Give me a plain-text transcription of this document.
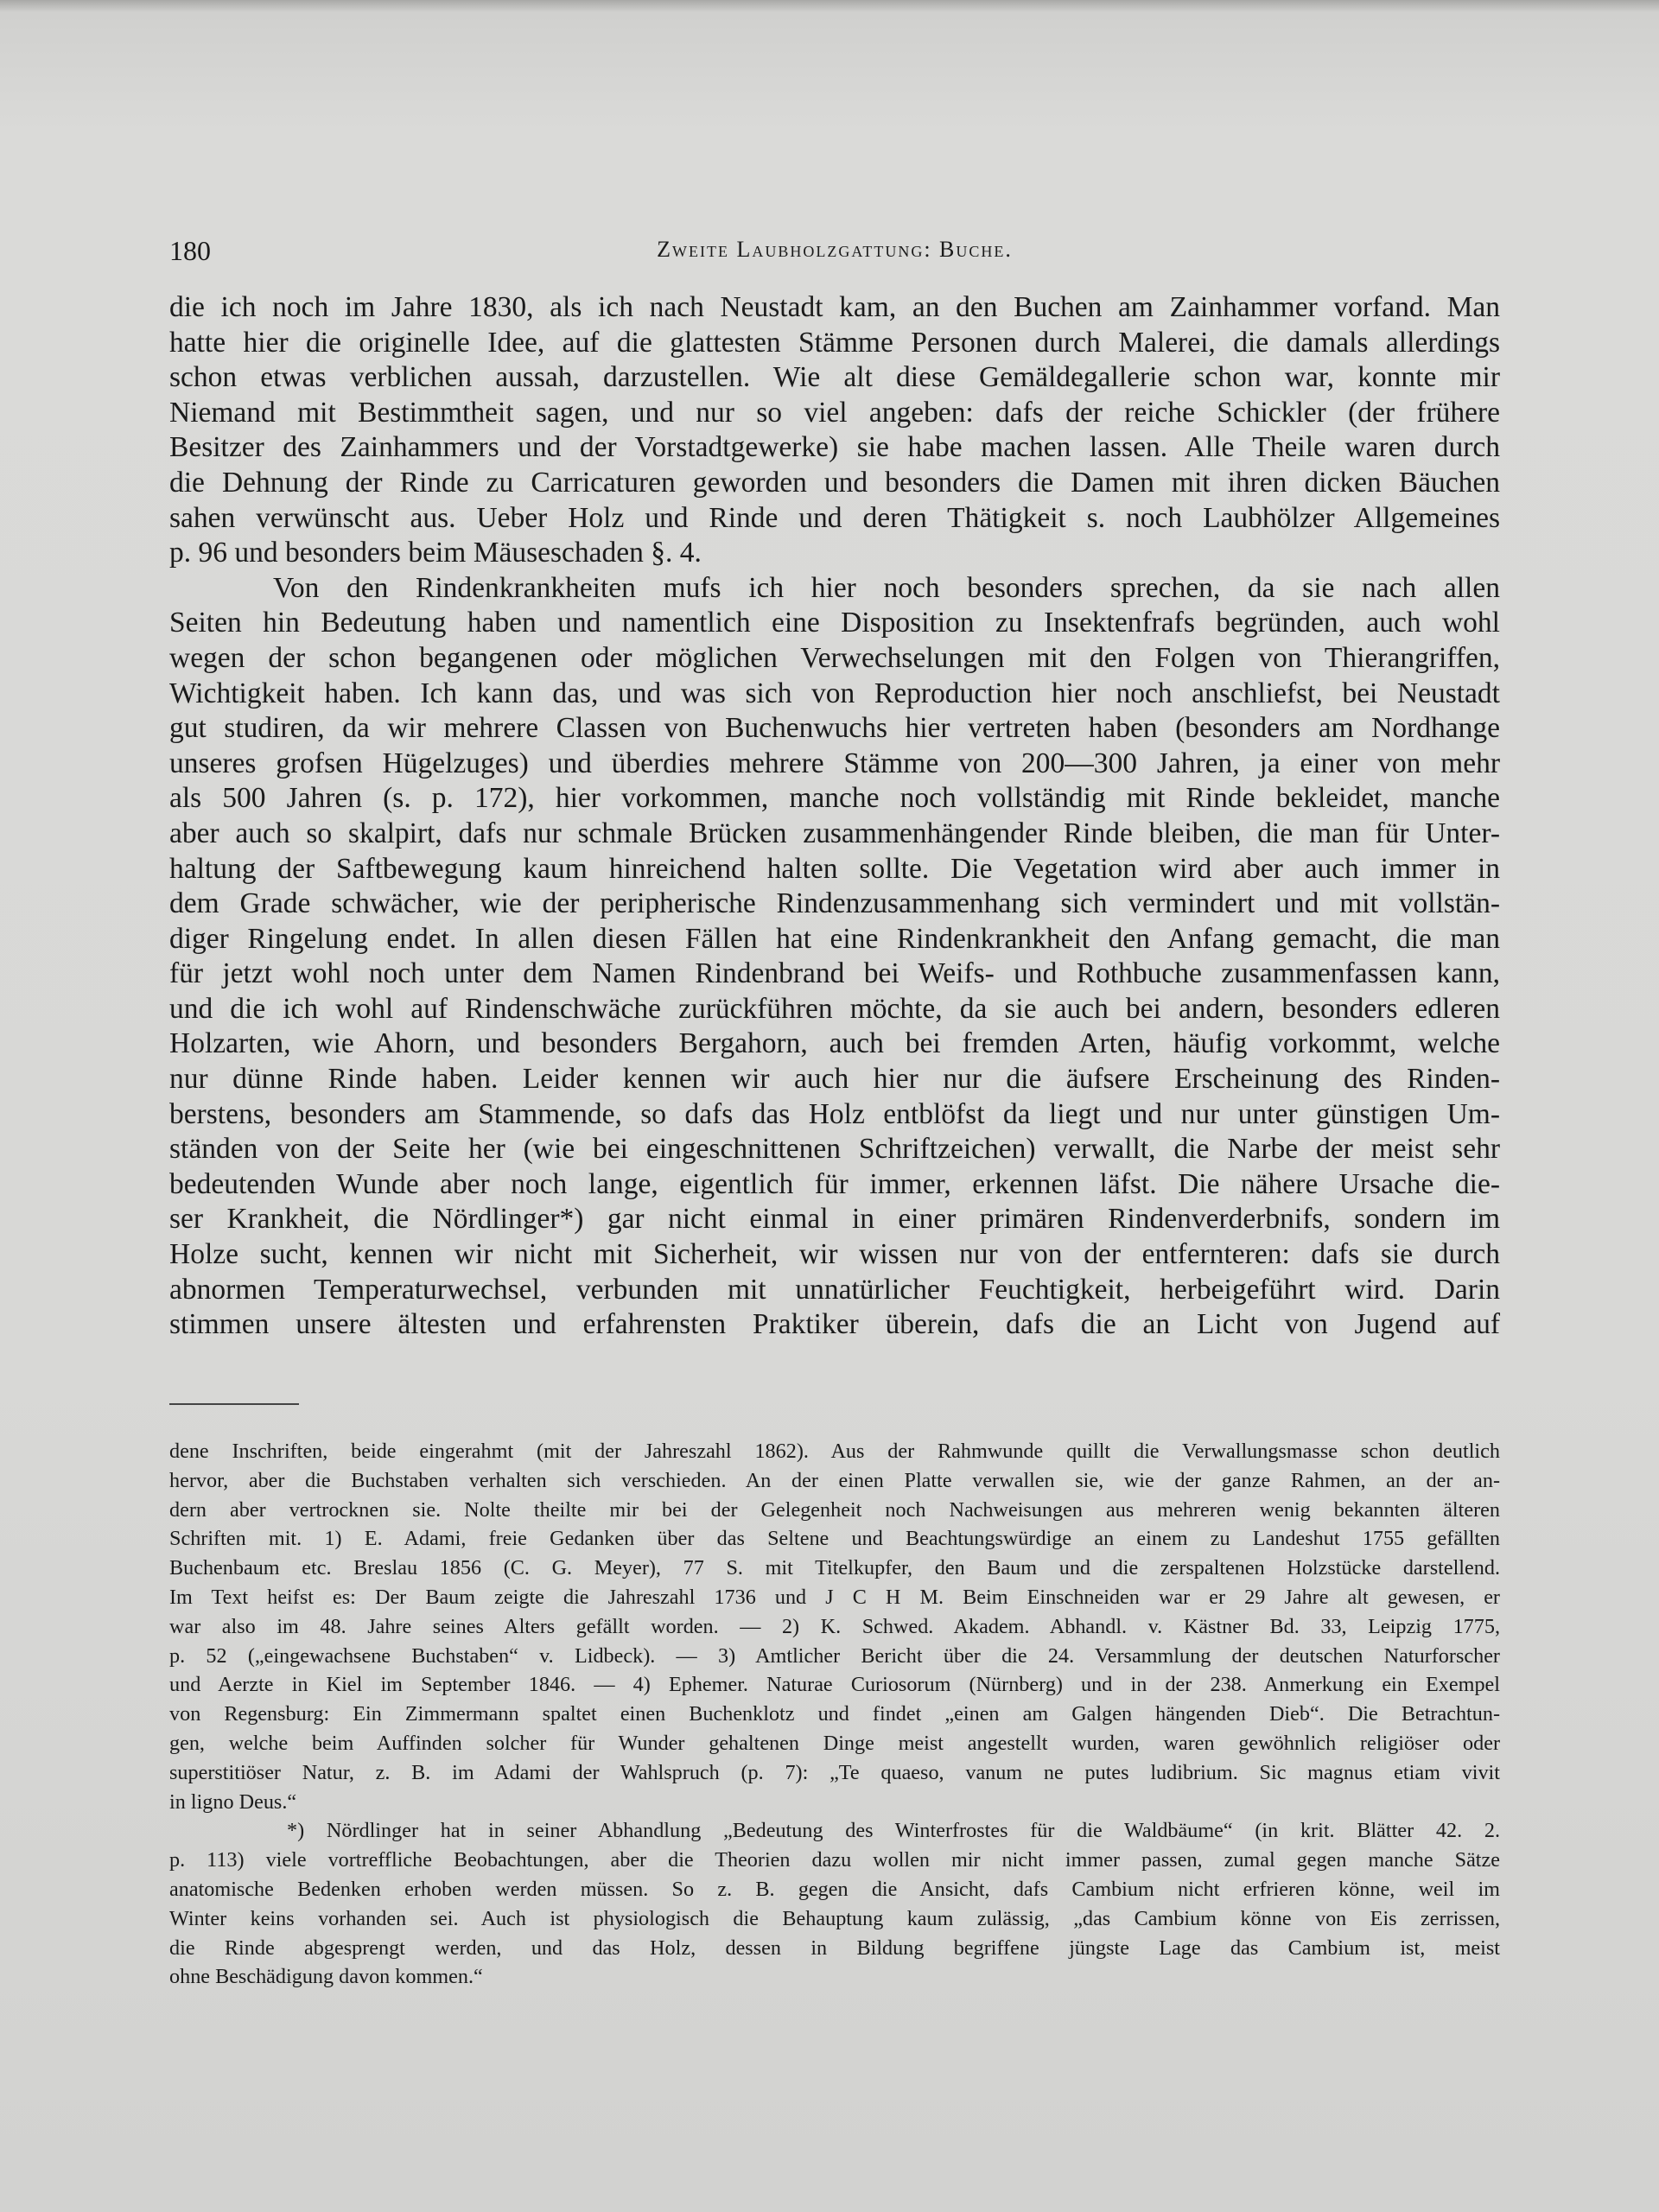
180	Zweite Laubholzgattung: Buche.
die ich noch im Jahre 1830, als ich nach Neustadt kam, an den Buchen am Zainhammer vorfand. Man
hatte hier die originelle Idee, auf die glattesten Stämme Personen durch Malerei, die damals allerdings
schon etwas verblichen aussah, darzustellen. Wie alt diese Gemäldegallerie schon war, konnte mir
Niemand mit Bestimmtheit sagen, und nur so viel angeben: dafs der reiche Schickler (der frühere
Besitzer des Zainhammers und der Vorstadtgewerke) sie habe machen lassen. Alle Theile waren durch
die Dehnung der Rinde zu Carricaturen geworden und besonders die Damen mit ihren dicken Bäuchen
sahen verwünscht aus. Ueber Holz und Rinde und deren Thätigkeit s. noch Laubhölzer Allgemeines
p. 96 und besonders beim Mäuseschaden §. 4.
Von den Rindenkrankheiten mufs ich hier noch besonders sprechen, da sie nach allen
Seiten hin Bedeutung haben und namentlich eine Disposition zu Insektenfrafs begründen, auch wohl
wegen der schon begangenen oder möglichen Verwechselungen mit den Folgen von Thierangriffen,
Wichtigkeit haben. Ich kann das, und was sich von Reproduction hier noch anschliefst, bei Neustadt
gut studiren, da wir mehrere Classen von Buchenwuchs hier vertreten haben (besonders am Nordhange
unseres grofsen Hügelzuges) und überdies mehrere Stämme von 200—300 Jahren, ja einer von mehr
als 500 Jahren (s. p. 172), hier vorkommen, manche noch vollständig mit Rinde bekleidet, manche
aber auch so skalpirt, dafs nur schmale Brücken zusammenhängender Rinde bleiben, die man für Unter-
haltung der Saftbewegung kaum hinreichend halten sollte. Die Vegetation wird aber auch immer in
dem Grade schwächer, wie der peripherische Rindenzusammenhang sich vermindert und mit vollstän-
diger Ringelung endet. In allen diesen Fällen hat eine Rindenkrankheit den Anfang gemacht, die man
für jetzt wohl noch unter dem Namen Rindenbrand bei Weifs- und Rothbuche zusammenfassen kann,
und die ich wohl auf Rindenschwäche zurückführen möchte, da sie auch bei andern, besonders edleren
Holzarten, wie Ahorn, und besonders Bergahorn, auch bei fremden Arten, häufig vorkommt, welche
nur dünne Rinde haben. Leider kennen wir auch hier nur die äufsere Erscheinung des Rinden-
berstens, besonders am Stammende, so dafs das Holz entblöfst da liegt und nur unter günstigen Um-
ständen von der Seite her (wie bei eingeschnittenen Schriftzeichen) verwallt, die Narbe der meist sehr
bedeutenden Wunde aber noch lange, eigentlich für immer, erkennen läfst. Die nähere Ursache die-
ser Krankheit, die Nördlinger*) gar nicht einmal in einer primären Rindenverderbnifs, sondern im
Holze sucht, kennen wir nicht mit Sicherheit, wir wissen nur von der entfernteren: dafs sie durch
abnormen Temperaturwechsel, verbunden mit unnatürlicher Feuchtigkeit, herbeigeführt wird. Darin
stimmen unsere ältesten und erfahrensten Praktiker überein, dafs die an Licht von Jugend auf
dene Inschriften, beide eingerahmt (mit der Jahreszahl 1862). Aus der Rahmwunde quillt die Verwallungsmasse schon deutlich
hervor, aber die Buchstaben verhalten sich verschieden. An der einen Platte verwallen sie, wie der ganze Rahmen, an der an-
dern aber vertrocknen sie. Nolte theilte mir bei der Gelegenheit noch Nachweisungen aus mehreren wenig bekannten älteren
Schriften mit. 1) E. Adami, freie Gedanken über das Seltene und Beachtungswürdige an einem zu Landeshut 1755 gefällten
Buchenbaum etc. Breslau 1856 (C. G. Meyer), 77 S. mit Titelkupfer, den Baum und die zerspaltenen Holzstücke darstellend.
Im Text heifst es: Der Baum zeigte die Jahreszahl 1736 und J C H M. Beim Einschneiden war er 29 Jahre alt gewesen, er
war also im 48. Jahre seines Alters gefällt worden. — 2) K. Schwed. Akadem. Abhandl. v. Kästner Bd. 33, Leipzig 1775,
p. 52 („eingewachsene Buchstaben“ v. Lidbeck). — 3) Amtlicher Bericht über die 24. Versammlung der deutschen Naturforscher
und Aerzte in Kiel im September 1846. — 4) Ephemer. Naturae Curiosorum (Nürnberg) und in der 238. Anmerkung ein Exempel
von Regensburg: Ein Zimmermann spaltet einen Buchenklotz und findet „einen am Galgen hängenden Dieb“. Die Betrachtun-
gen, welche beim Auffinden solcher für Wunder gehaltenen Dinge meist angestellt wurden, waren gewöhnlich religiöser oder
superstitiöser Natur, z. B. im Adami der Wahlspruch (p. 7): „Te quaeso, vanum ne putes ludibrium. Sic magnus etiam vivit
in ligno Deus.“
*) Nördlinger hat in seiner Abhandlung „Bedeutung des Winterfrostes für die Waldbäume“ (in krit. Blätter 42. 2.
p. 113) viele vortreffliche Beobachtungen, aber die Theorien dazu wollen mir nicht immer passen, zumal gegen manche Sätze
anatomische Bedenken erhoben werden müssen. So z. B. gegen die Ansicht, dafs Cambium nicht erfrieren könne, weil im
Winter keins vorhanden sei. Auch ist physiologisch die Behauptung kaum zulässig, „das Cambium könne von Eis zerrissen,
die Rinde abgesprengt werden, und das Holz, dessen in Bildung begriffene jüngste Lage das Cambium ist, meist
ohne Beschädigung davon kommen.“
